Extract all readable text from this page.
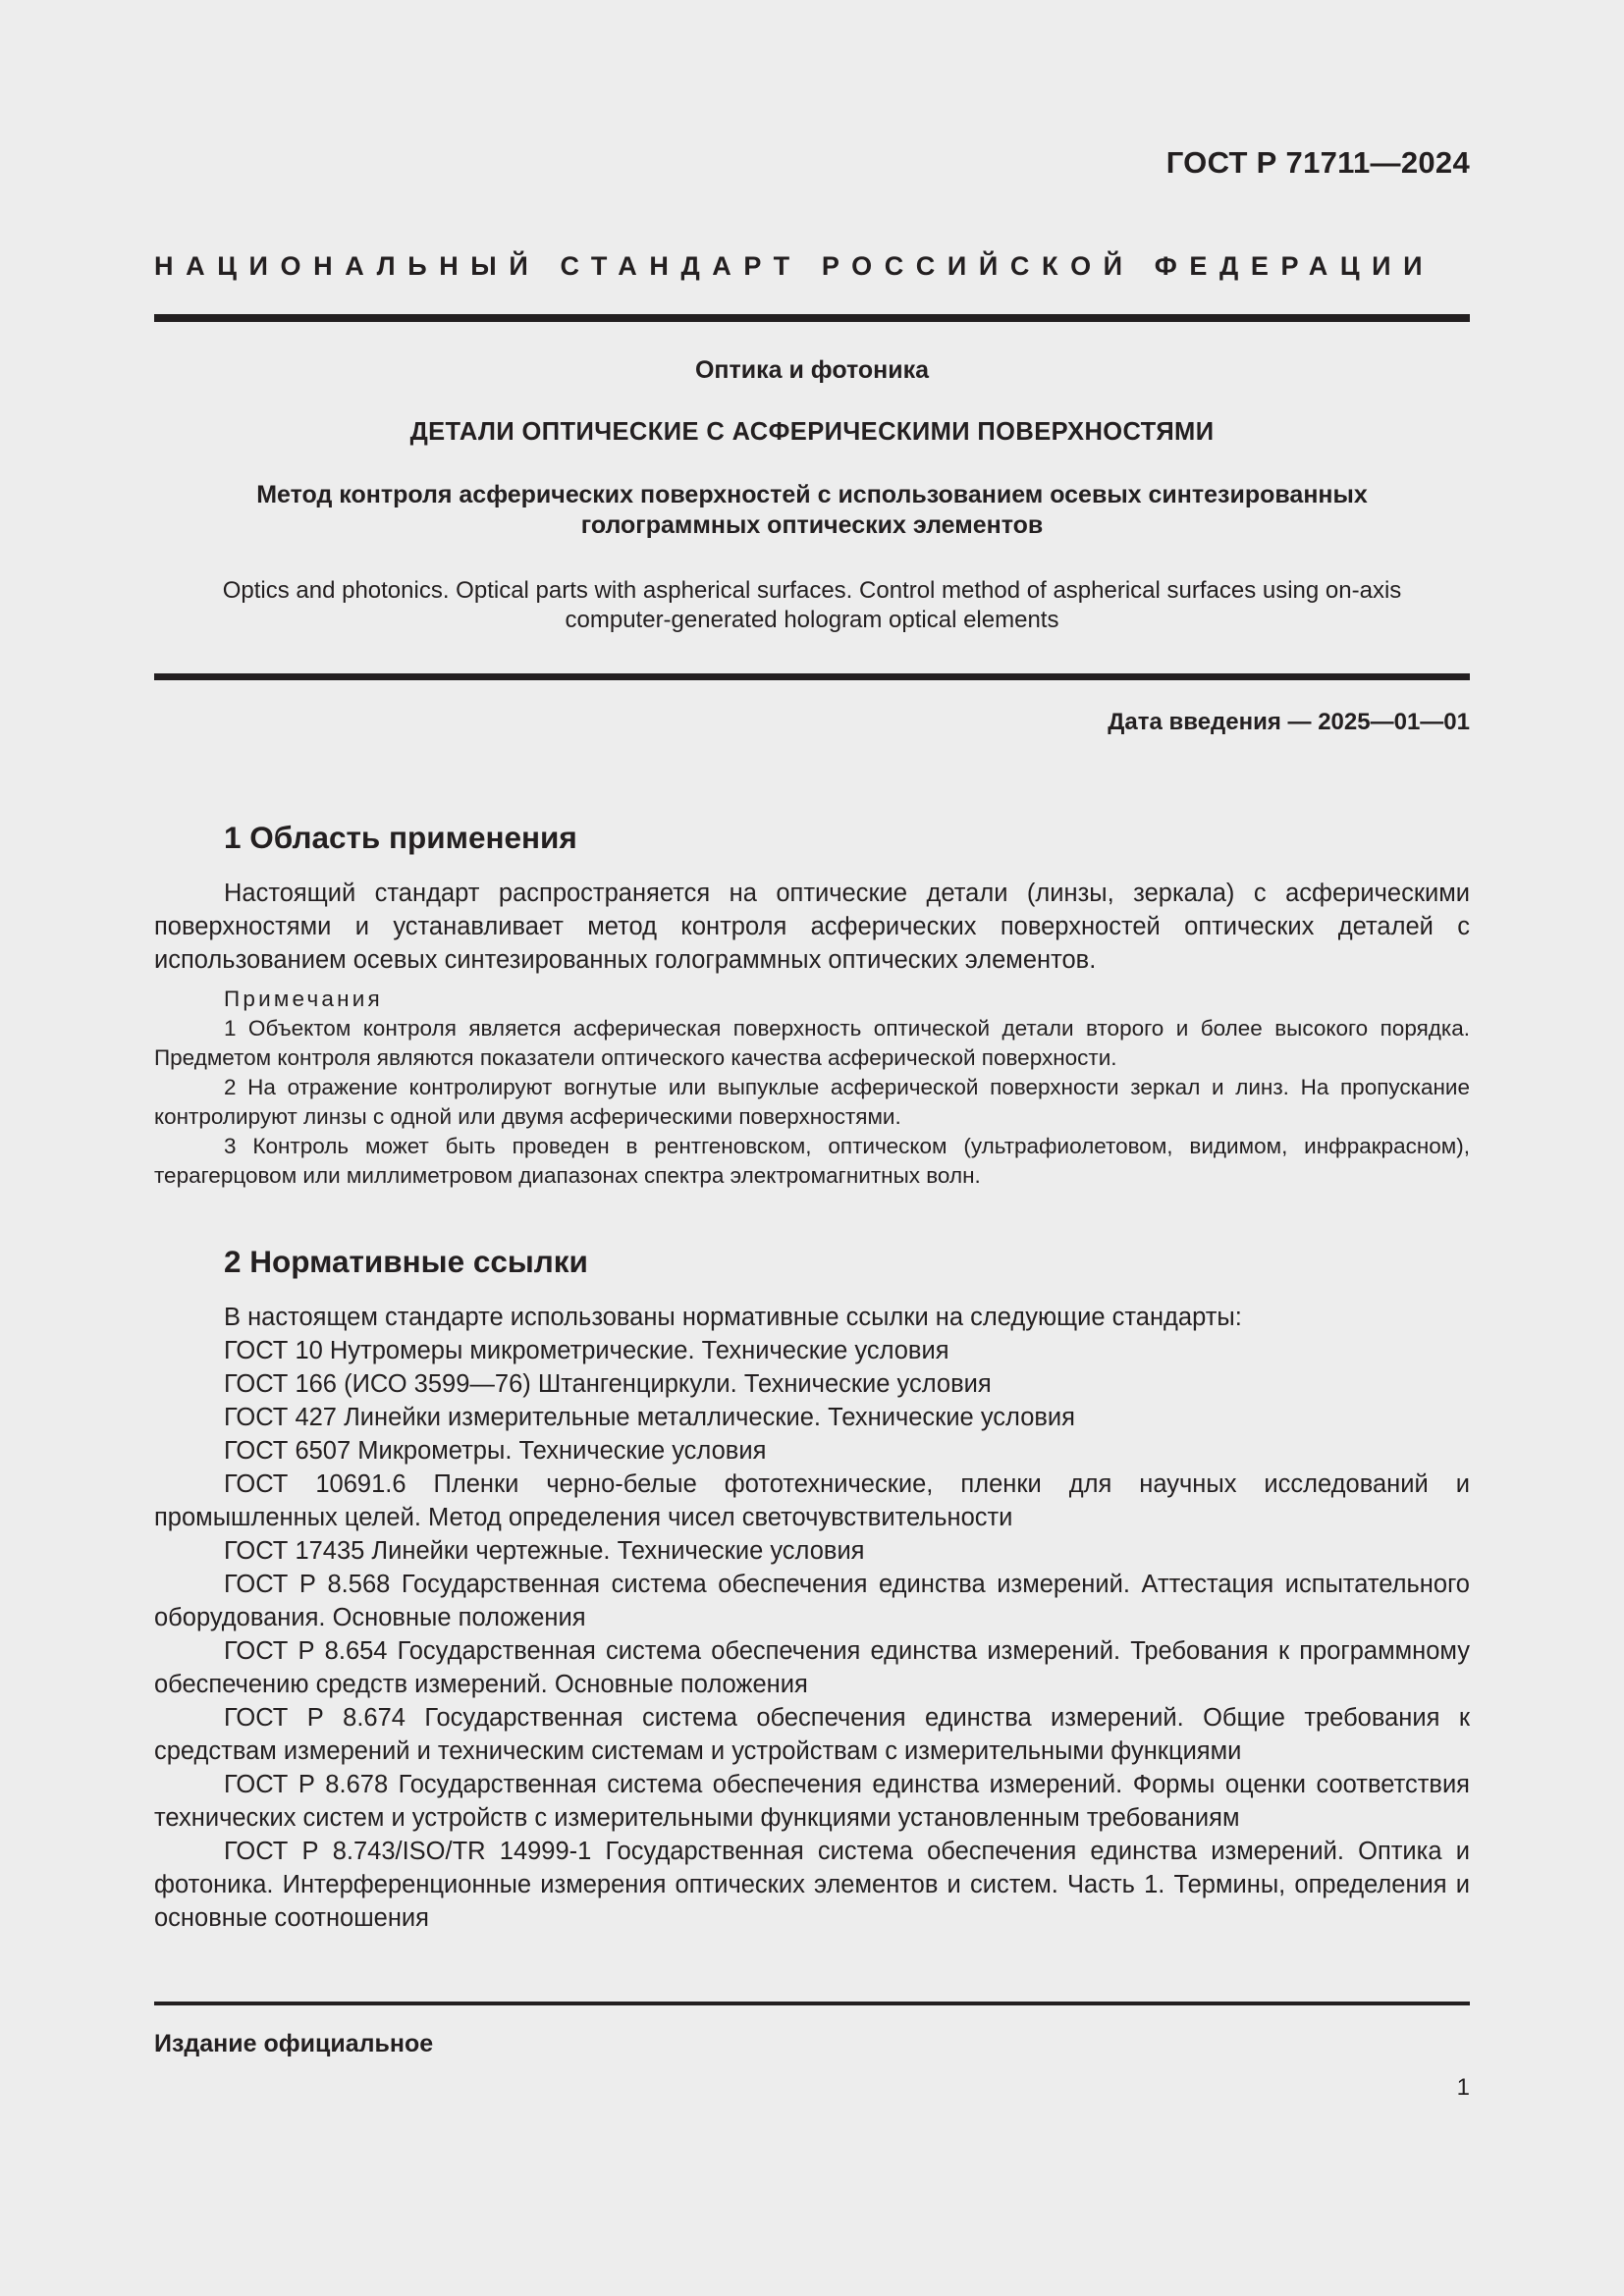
ГОСТ Р 71711—2024
НАЦИОНАЛЬНЫЙ СТАНДАРТ РОССИЙСКОЙ ФЕДЕРАЦИИ
Оптика и фотоника
ДЕТАЛИ ОПТИЧЕСКИЕ С АСФЕРИЧЕСКИМИ ПОВЕРХНОСТЯМИ
Метод контроля асферических поверхностей с использованием осевых синтезированных
голограммных оптических элементов
Optics and photonics. Optical parts with aspherical surfaces. Control method of aspherical surfaces using on-axis
computer-generated hologram optical elements
Дата введения — 2025—01—01
1 Область применения

Настоящий стандарт распространяется на оптические детали (линзы, зеркала) с асферическими поверхностями и устанавливает метод контроля асферических поверхностей оптических деталей с использованием осевых синтезированных голограммных оптических элементов.

Примечания

1 Объектом контроля является асферическая поверхность оптической детали второго и более высокого порядка. Предметом контроля являются показатели оптического качества асферической поверхности.

2 На отражение контролируют вогнутые или выпуклые асферической поверхности зеркал и линз. На пропускание контролируют линзы с одной или двумя асферическими поверхностями.

3 Контроль может быть проведен в рентгеновском, оптическом (ультрафиолетовом, видимом, инфракрасном), терагерцовом или миллиметровом диапазонах спектра электромагнитных волн.

2 Нормативные ссылки

В настоящем стандарте использованы нормативные ссылки на следующие стандарты:

ГОСТ 10 Нутромеры микрометрические. Технические условия

ГОСТ 166 (ИСО 3599—76) Штангенциркули. Технические условия

ГОСТ 427 Линейки измерительные металлические. Технические условия

ГОСТ 6507 Микрометры. Технические условия

ГОСТ 10691.6 Пленки черно-белые фототехнические, пленки для научных исследований и промышленных целей. Метод определения чисел светочувствительности

ГОСТ 17435 Линейки чертежные. Технические условия

ГОСТ Р 8.568 Государственная система обеспечения единства измерений. Аттестация испытательного оборудования. Основные положения

ГОСТ Р 8.654 Государственная система обеспечения единства измерений. Требования к программному обеспечению средств измерений. Основные положения

ГОСТ Р 8.674 Государственная система обеспечения единства измерений. Общие требования к средствам измерений и техническим системам и устройствам с измерительными функциями

ГОСТ Р 8.678 Государственная система обеспечения единства измерений. Формы оценки соответствия технических систем и устройств с измерительными функциями установленным требованиям

ГОСТ Р 8.743/ISO/TR 14999-1 Государственная система обеспечения единства измерений. Оптика и фотоника. Интерференционные измерения оптических элементов и систем. Часть 1. Термины, определения и основные соотношения

Издание официальное
1
